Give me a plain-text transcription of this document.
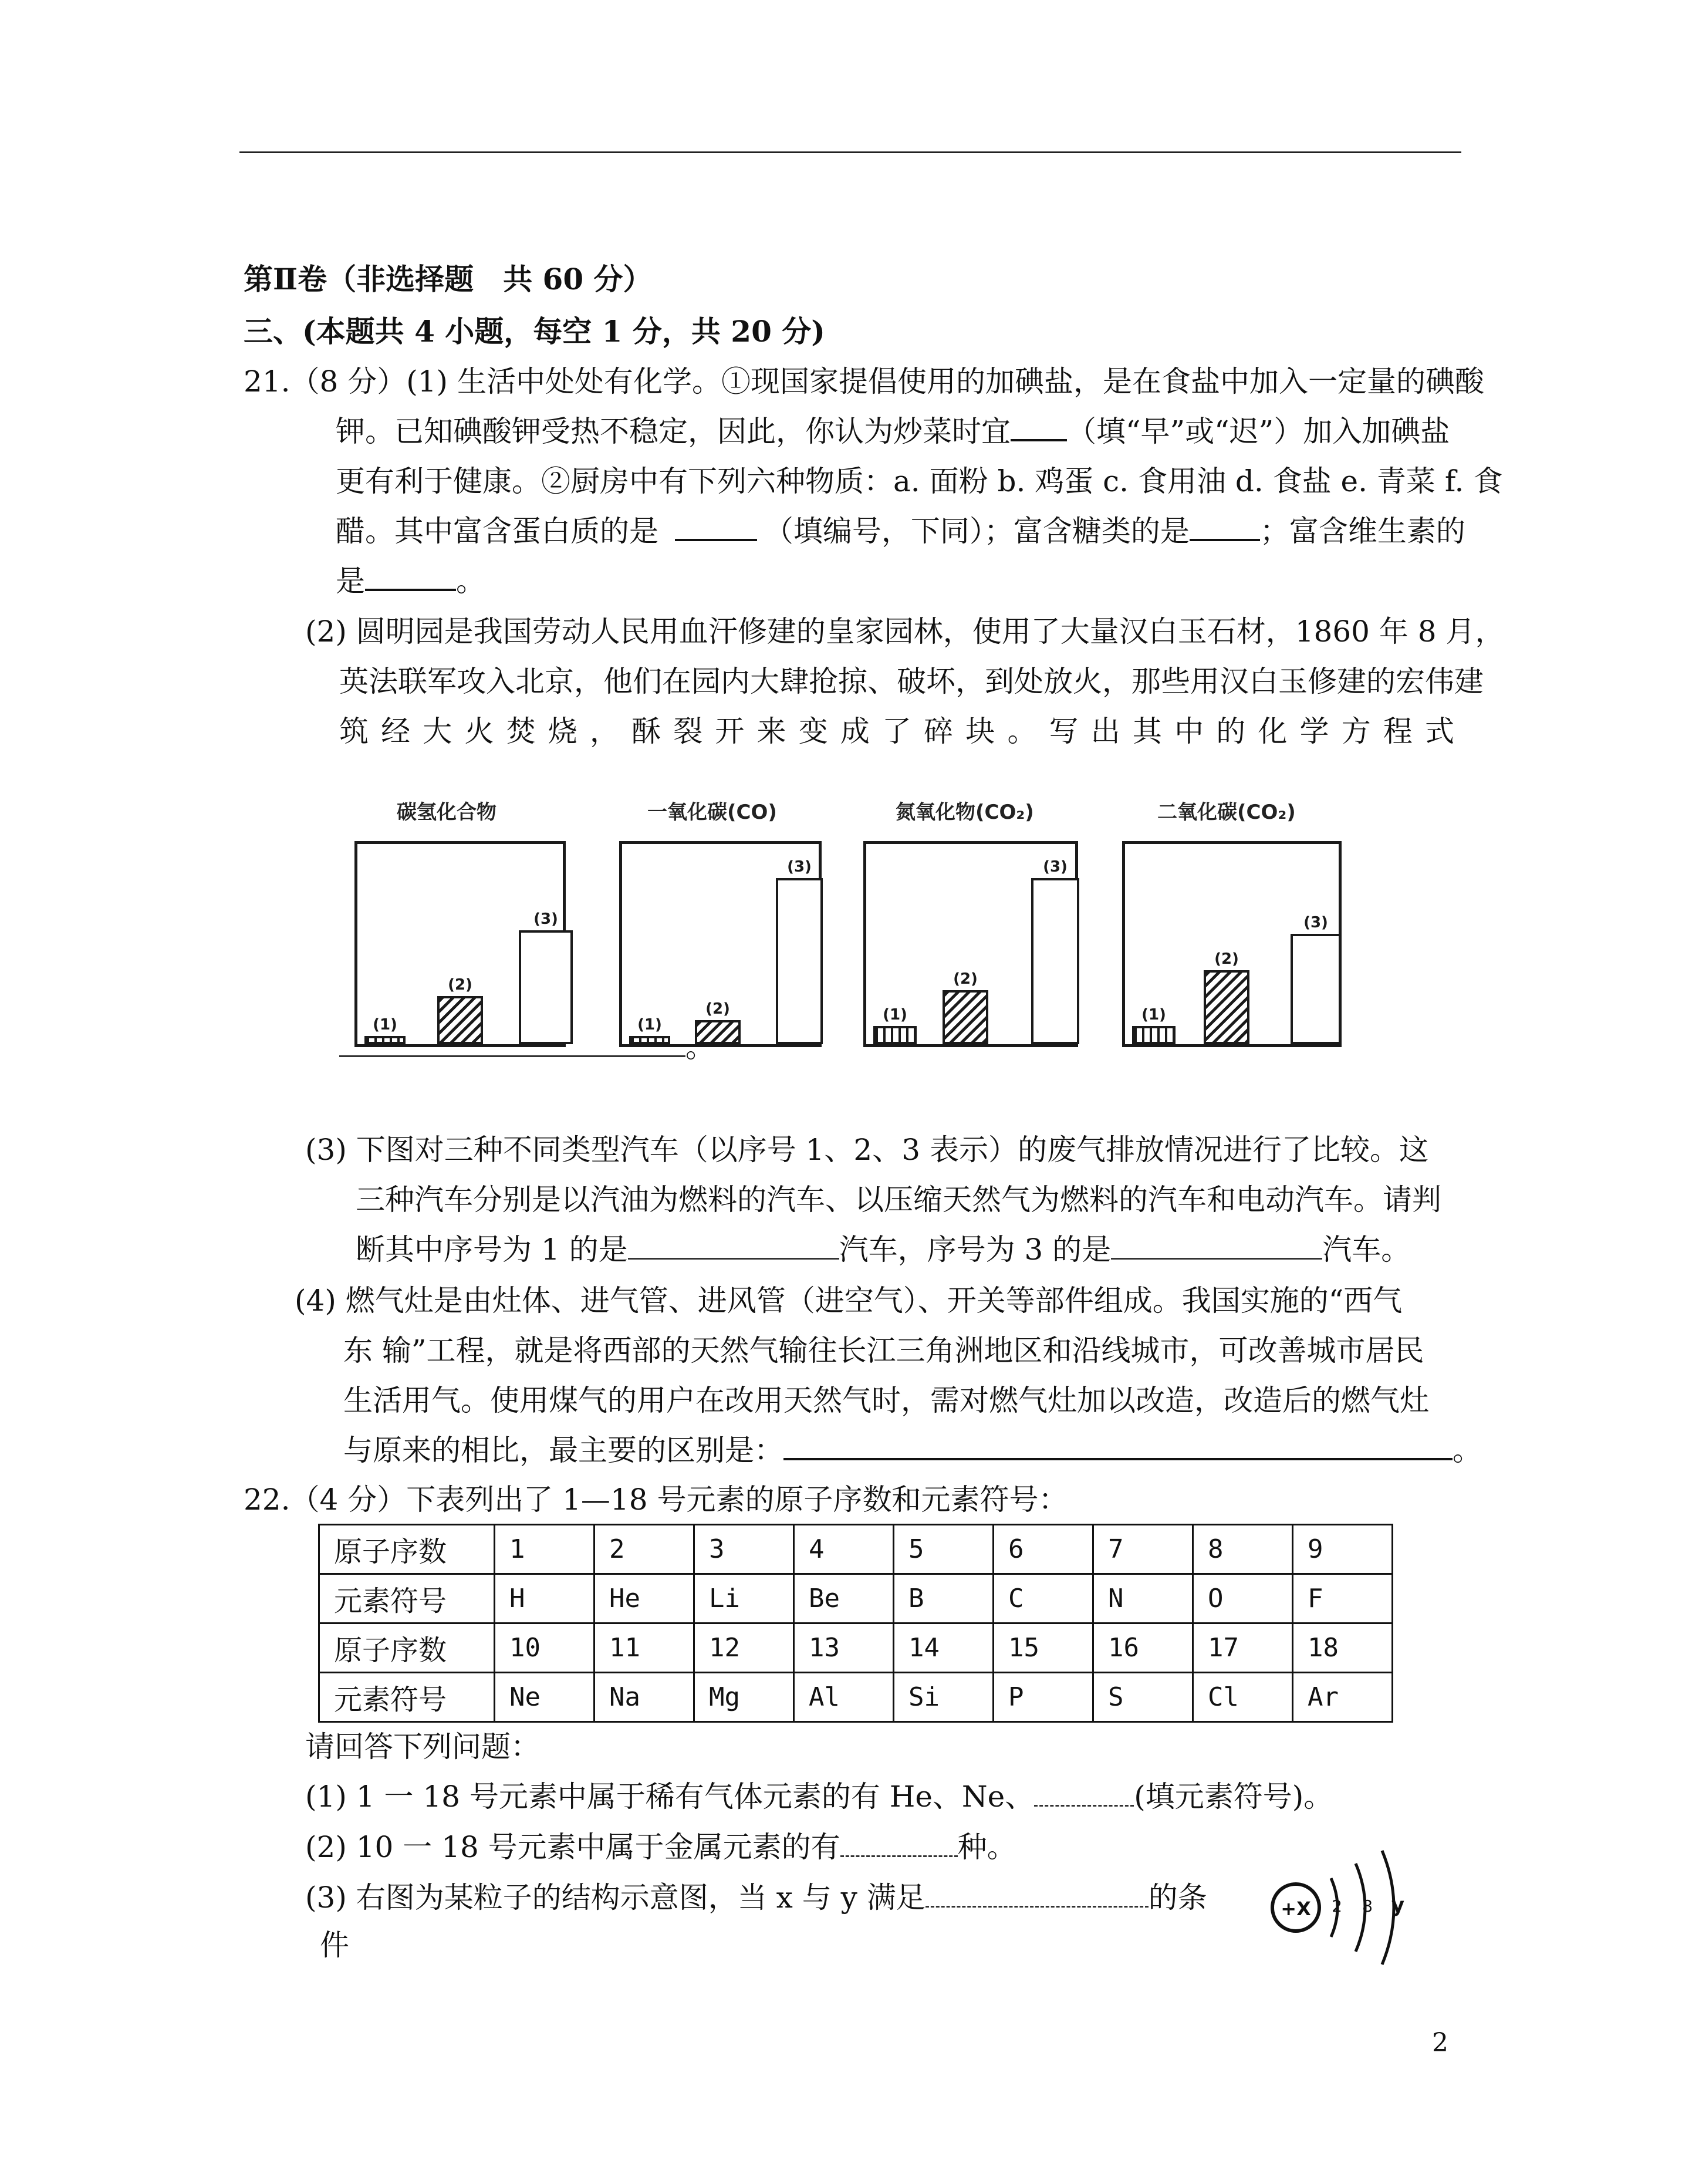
第Ⅱ卷（非选择题　共 60 分）
三、(本题共 4 小题，每空 1 分，共 20 分)
21.（8 分）(1) 生活中处处有化学。①现国家提倡使用的加碘盐，是在食盐中加入一定量的碘酸
钾。已知碘酸钾受热不稳定，因此，你认为炒菜时宜 （填“早”或“迟”）加入加碘盐
更有利于健康。②厨房中有下列六种物质：a. 面粉 b. 鸡蛋 c. 食用油 d. 食盐 e. 青菜 f. 食
醋。其中富含蛋白质的是	（填编号，下同）；富含糖类的是 ；富含维生素的
是	。
(2) 圆明园是我国劳动人民用血汗修建的皇家园林，使用了大量汉白玉石材，1860 年 8 月，
英法联军攻入北京，他们在园内大肆抢掠、破坏，到处放火，那些用汉白玉修建的宏伟建
筑经大火焚烧，酥裂开来变成了碎块。写出其中的化学方程式
碳氢化合物
(1)
(2)
(3)
一氧化碳(CO)
(1)
(2)
(3)
氮氧化物(CO₂)
(1)
(2)
(3)
二氧化碳(CO₂)
(1)
(2)
(3)
。
(3) 下图对三种不同类型汽车（以序号 1、2、3 表示）的废气排放情况进行了比较。这
三种汽车分别是以汽油为燃料的汽车、以压缩天然气为燃料的汽车和电动汽车。请判
断其中序号为 1 的是	汽车，序号为 3 的是	汽车。
(4) 燃气灶是由灶体、进气管、进风管（进空气）、开关等部件组成。我国实施的“西气
东 输”工程，就是将西部的天然气输往长江三角洲地区和沿线城市，可改善城市居民
生活用气。使用煤气的用户在改用天然气时，需对燃气灶加以改造，改造后的燃气灶
与原来的相比，最主要的区别是：	。
22.（4 分）下表列出了 1—18 号元素的原子序数和元素符号：
原子序数	1	2	3	4	5	6	7	8	9
元素符号	H	He	Li	Be	B	C	N	O	F
原子序数	10	11	12	13	14	15	16	17	18
元素符号	Ne	Na	Mg	Al	Si	P	S	Cl	Ar
请回答下列问题：
(1) 1 一 18 号元素中属于稀有气体元素的有 He、Ne、	(填元素符号)。
(2) 10 一 18 号元素中属于金属元素的有	种。
(3) 右图为某粒子的结构示意图，当 x 与 y 满足	的条
件
+X 2 8 y
2
